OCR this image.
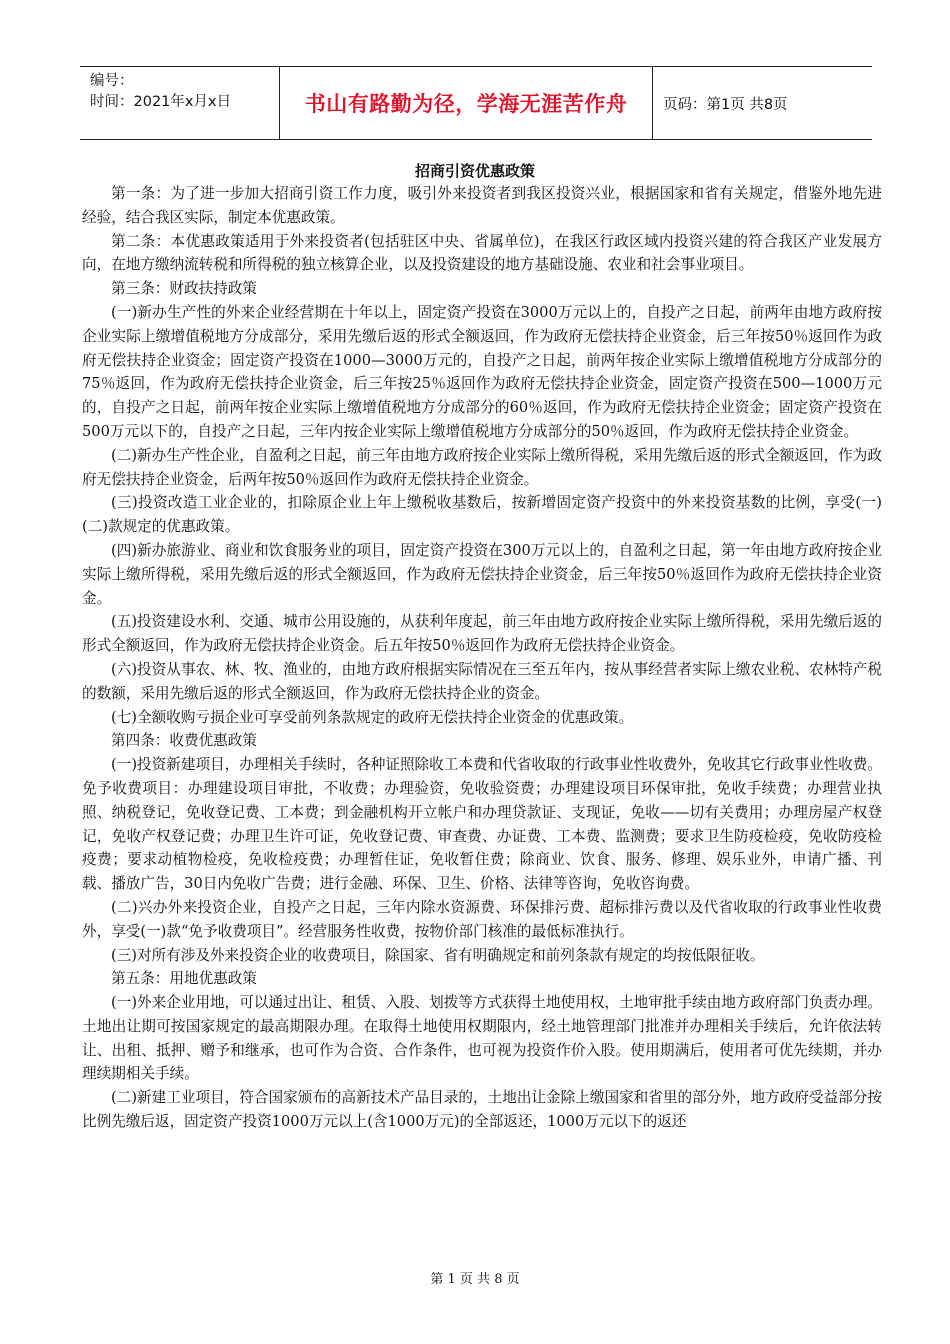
编号：
时间：2021年x月x日	书山有路勤为径，学海无涯苦作舟 页码：第1页 共8页
招商引资优惠政策

第一条：为了进一步加大招商引资工作力度，吸引外来投资者到我区投资兴业，根据国家和省有关规定，借鉴外地先进经验，结合我区实际，制定本优惠政策。

第二条：本优惠政策适用于外来投资者(包括驻区中央、省属单位)，在我区行政区域内投资兴建的符合我区产业发展方向，在地方缴纳流转税和所得税的独立核算企业，以及投资建设的地方基础设施、农业和社会事业项目。

第三条：财政扶持政策

(一)新办生产性的外来企业经营期在十年以上，固定资产投资在3000万元以上的，自投产之日起，前两年由地方政府按企业实际上缴增值税地方分成部分，采用先缴后返的形式全额返回，作为政府无偿扶持企业资金，后三年按50％返回作为政府无偿扶持企业资金；固定资产投资在1000—3000万元的，自投产之日起，前两年按企业实际上缴增值税地方分成部分的75％返回，作为政府无偿扶持企业资金，后三年按25％返回作为政府无偿扶持企业资金，固定资产投资在500—1000万元的，自投产之日起，前两年按企业实际上缴增值税地方分成部分的60％返回，作为政府无偿扶持企业资金；固定资产投资在500万元以下的，自投产之日起，三年内按企业实际上缴增值税地方分成部分的50％返回，作为政府无偿扶持企业资金。

(二)新办生产性企业，自盈利之日起，前三年由地方政府按企业实际上缴所得税，采用先缴后返的形式全额返回，作为政府无偿扶持企业资金，后两年按50％返回作为政府无偿扶持企业资金。

(三)投资改造工业企业的，扣除原企业上年上缴税收基数后，按新增固定资产投资中的外来投资基数的比例，享受(一)(二)款规定的优惠政策。

(四)新办旅游业、商业和饮食服务业的项目，固定资产投资在300万元以上的，自盈利之日起，第一年由地方政府按企业实际上缴所得税，采用先缴后返的形式全额返回，作为政府无偿扶持企业资金，后三年按50％返回作为政府无偿扶持企业资金。

(五)投资建设水利、交通、城市公用设施的，从获利年度起，前三年由地方政府按企业实际上缴所得税，采用先缴后返的形式全额返回，作为政府无偿扶持企业资金。后五年按50％返回作为政府无偿扶持企业资金。

(六)投资从事农、林、牧、渔业的，由地方政府根据实际情况在三至五年内，按从事经营者实际上缴农业税、农林特产税的数额，采用先缴后返的形式全额返回，作为政府无偿扶持企业的资金。

(七)全额收购亏损企业可享受前列条款规定的政府无偿扶持企业资金的优惠政策。

第四条：收费优惠政策

(一)投资新建项目，办理相关手续时，各种证照除收工本费和代省收取的行政事业性收费外，免收其它行政事业性收费。免予收费项目：办理建设项目审批，不收费；办理验资，免收验资费；办理建设项目环保审批，免收手续费；办理营业执照、纳税登记，免收登记费、工本费；到金融机构开立帐户和办理贷款证、支现证，免收——切有关费用；办理房屋产权登记，免收产权登记费；办理卫生许可证，免收登记费、审查费、办证费、工本费、监测费；要求卫生防疫检疫，免收防疫检疫费；要求动植物检疫，免收检疫费；办理暂住证，免收暂住费；除商业、饮食、服务、修理、娱乐业外，申请广播、刊载、播放广告，30日内免收广告费；进行金融、环保、卫生、价格、法律等咨询，免收咨询费。

(二)兴办外来投资企业，自投产之日起，三年内除水资源费、环保排污费、超标排污费以及代省收取的行政事业性收费外，享受(一)款“免予收费项目”。经营服务性收费，按物价部门核准的最低标准执行。

(三)对所有涉及外来投资企业的收费项目，除国家、省有明确规定和前列条款有规定的均按低限征收。

第五条：用地优惠政策

(一)外来企业用地，可以通过出让、租赁、入股、划拨等方式获得土地使用权，土地审批手续由地方政府部门负责办理。土地出让期可按国家规定的最高期限办理。在取得土地使用权期限内，经土地管理部门批准并办理相关手续后，允许依法转让、出租、抵押、赠予和继承，也可作为合资、合作条件，也可视为投资作价入股。使用期满后，使用者可优先续期，并办理续期相关手续。

(二)新建工业项目，符合国家颁布的高新技术产品目录的，土地出让金除上缴国家和省里的部分外，地方政府受益部分按比例先缴后返，固定资产投资1000万元以上(含1000万元)的全部返还，1000万元以下的返还

第 1 页 共 8 页
